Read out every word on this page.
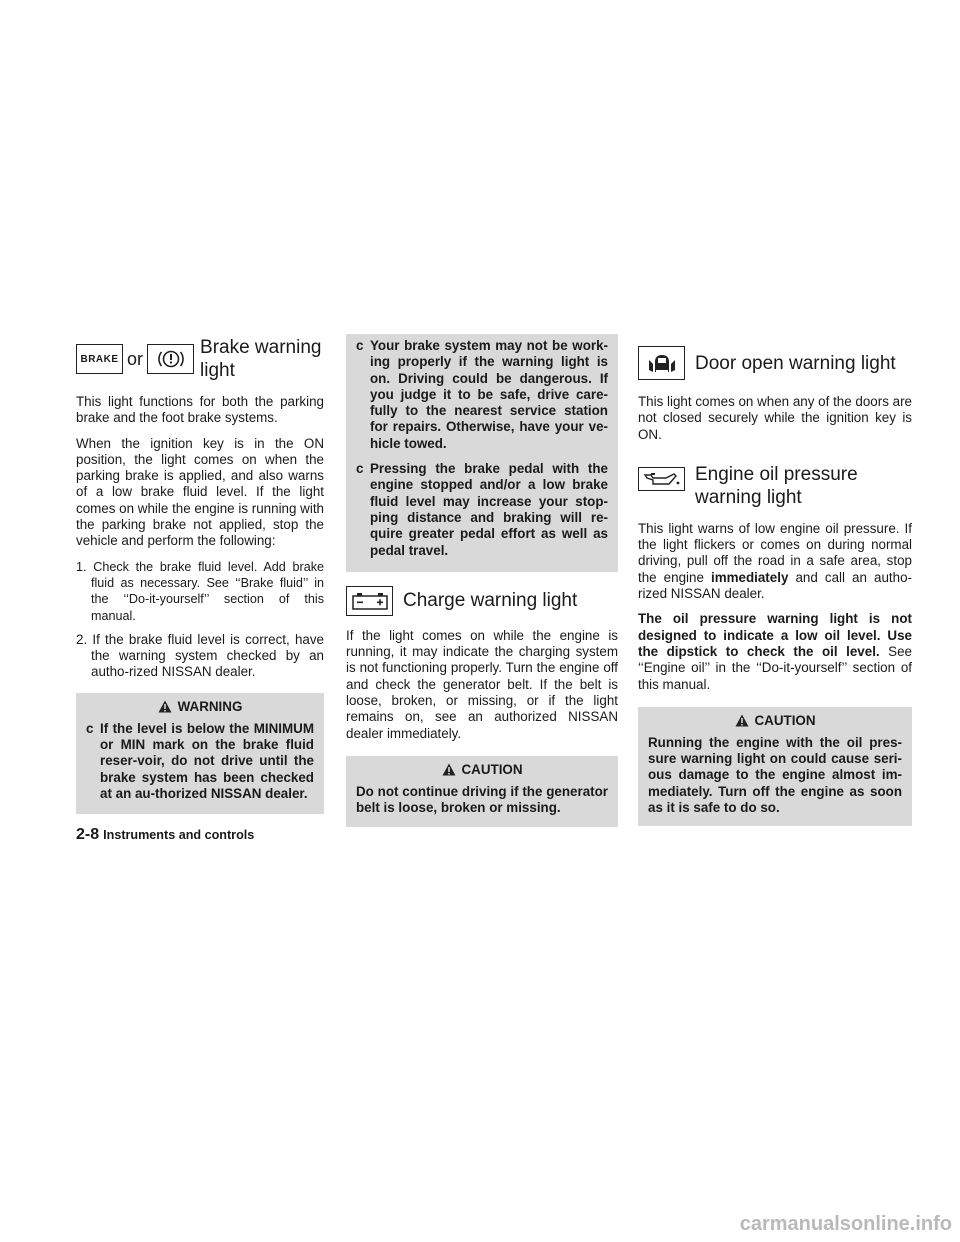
BRAKE or
Brake warning light

This light functions for both the parking brake and the foot brake systems.

When the ignition key is in the ON position, the light comes on when the parking brake is applied, and also warns of a low brake fluid level. If the light comes on while the engine is running with the parking brake not applied, stop the vehicle and perform the following:

1. Check the brake fluid level. Add brake fluid as necessary. See ‘‘Brake fluid’’ in the ‘‘Do-it-yourself’’ section of this manual.
2. If the brake fluid level is correct, have the warning system checked by an autho-rized NISSAN dealer.
WARNING
c If the level is below the MINIMUM or MIN mark on the brake fluid reser-voir, do not drive until the brake system has been checked at an au-thorized NISSAN dealer.
c Your brake system may not be work-ing properly if the warning light is on. Driving could be dangerous. If you judge it to be safe, drive care-fully to the nearest service station for repairs. Otherwise, have your ve-hicle towed.
c Pressing the brake pedal with the engine stopped and/or a low brake fluid level may increase your stop-ping distance and braking will re-quire greater pedal effort as well as pedal travel.
Charge warning light

If the light comes on while the engine is running, it may indicate the charging system is not functioning properly. Turn the engine off and check the generator belt. If the belt is loose, broken, or missing, or if the light remains on, see an authorized NISSAN dealer immediately.

CAUTION
Do not continue driving if the generator belt is loose, broken or missing.
Door open warning light

This light comes on when any of the doors are not closed securely while the ignition key is ON.

Engine oil pressure warning light

This light warns of low engine oil pressure. If the light flickers or comes on during normal driving, pull off the road in a safe area, stop the engine immediately and call an autho-rized NISSAN dealer.

The oil pressure warning light is not designed to indicate a low oil level. Use the dipstick to check the oil level. See ‘‘Engine oil’’ in the ‘‘Do-it-yourself’’ section of this manual.

CAUTION
Running the engine with the oil pres-sure warning light on could cause seri-ous damage to the engine almost im-mediately. Turn off the engine as soon as it is safe to do so.
2-8 Instruments and controls
carmanualsonline.info
